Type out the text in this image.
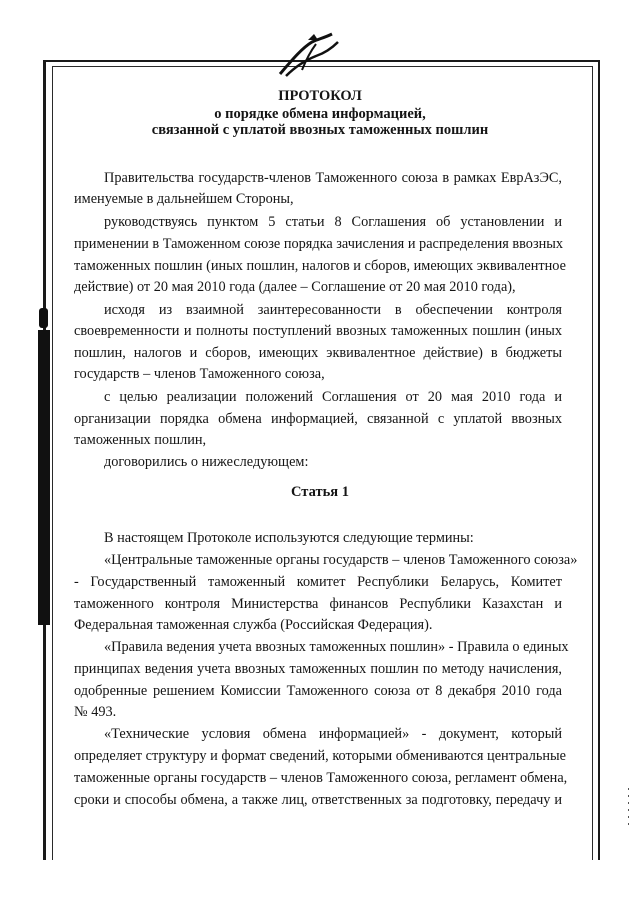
ПРОТОКОЛ
о порядке обмена информацией,
связанной с уплатой ввозных таможенных пошлин
Правительства государств-членов Таможенного союза в рамках ЕврАзЭС,
именуемые в дальнейшем Стороны,
руководствуясь пунктом 5 статьи 8 Соглашения об установлении и
применении в Таможенном союзе порядка зачисления и распределения ввозных
таможенных пошлин (иных пошлин, налогов и сборов, имеющих эквивалентное
действие) от 20 мая 2010 года (далее – Соглашение от 20 мая 2010 года),
исходя из взаимной заинтересованности в обеспечении контроля
своевременности и полноты поступлений ввозных таможенных пошлин (иных
пошлин, налогов и сборов, имеющих эквивалентное действие) в бюджеты
государств – членов Таможенного союза,
с целью реализации положений Соглашения от 20 мая 2010 года и
организации порядка обмена информацией, связанной с уплатой ввозных
таможенных пошлин,
договорились о нижеследующем:
Статья 1
В настоящем Протоколе используются следующие термины:
«Центральные таможенные органы государств – членов Таможенного союза»
- Государственный таможенный комитет Республики Беларусь, Комитет
таможенного контроля Министерства финансов Республики Казахстан и
Федеральная таможенная служба (Российская Федерация).
«Правила ведения учета ввозных таможенных пошлин» - Правила о единых
принципах ведения учета ввозных таможенных пошлин по методу начисления,
одобренные решением Комиссии Таможенного союза от 8 декабря 2010 года
№ 493.
«Технические условия обмена информацией» - документ, который
определяет структуру и формат сведений, которыми обмениваются центральные
таможенные органы государств – членов Таможенного союза, регламент обмена,
сроки и способы обмена, а также лиц, ответственных за подготовку, передачу и
